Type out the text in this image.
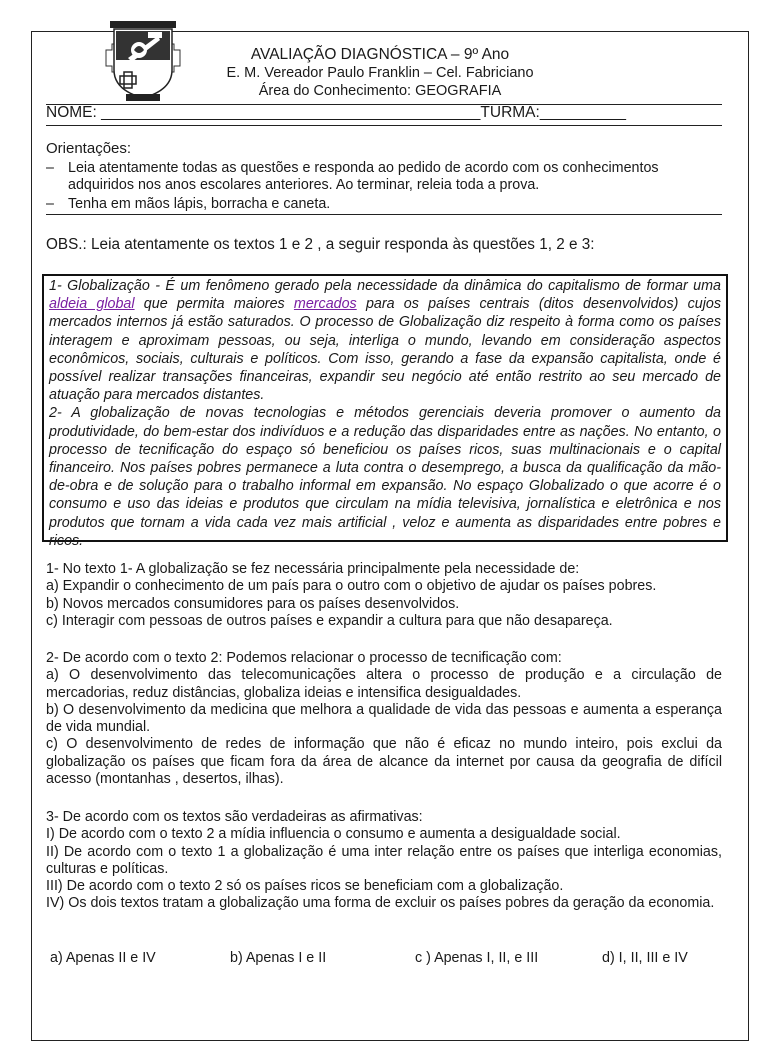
AVALIAÇÃO DIAGNÓSTICA – 9º Ano
E. M. Vereador Paulo Franklin – Cel. Fabriciano
Área do Conhecimento: GEOGRAFIA
NOME: ____________________________________________TURMA:__________
Orientações:
– Leia atentamente todas as questões e responda ao pedido de acordo com os conhecimentos adquiridos nos anos escolares anteriores. Ao terminar, releia toda a prova.
– Tenha em mãos lápis, borracha e caneta.
OBS.: Leia atentamente os textos 1 e 2 , a seguir responda às questões 1, 2 e 3:

1- Globalização - É um fenômeno gerado pela necessidade da dinâmica do capitalismo de formar uma aldeia global que permita maiores mercados para os países centrais (ditos desenvolvidos) cujos mercados internos já estão saturados. O processo de Globalização diz respeito à forma como os países interagem e aproximam pessoas, ou seja, interliga o mundo, levando em consideração aspectos econômicos, sociais, culturais e políticos. Com isso, gerando a fase da expansão capitalista, onde é possível realizar transações financeiras, expandir seu negócio até então restrito ao seu mercado de atuação para mercados distantes.

2- A globalização de novas tecnologias e métodos gerenciais deveria promover o aumento da produtividade, do bem-estar dos indivíduos e a redução das disparidades entre as nações. No entanto, o processo de tecnificação do espaço só beneficiou os países ricos, suas multinacionais e o capital financeiro. Nos países pobres permanece a luta contra o desemprego, a busca da qualificação da mão-de-obra e de solução para o trabalho informal em expansão. No espaço Globalizado o que acorre é o consumo e uso das ideias e produtos que circulam na mídia televisiva, jornalística e eletrônica e nos produtos que tornam a vida cada vez mais artificial , veloz e aumenta as disparidades entre pobres e ricos.

1- No texto 1- A globalização se fez necessária principalmente pela necessidade de:

a) Expandir o conhecimento de um país para o outro com o objetivo de ajudar os países pobres.

b) Novos mercados consumidores para os países desenvolvidos.

c) Interagir com pessoas de outros países e expandir a cultura para que não desapareça.

2- De acordo com o texto 2: Podemos relacionar o processo de tecnificação com:

a) O desenvolvimento das telecomunicações altera o processo de produção e a circulação de mercadorias, reduz distâncias, globaliza ideias e intensifica desigualdades.

b) O desenvolvimento da medicina que melhora a qualidade de vida das pessoas e aumenta a esperança de vida mundial.

c) O desenvolvimento de redes de informação que não é eficaz no mundo inteiro, pois exclui da globalização os países que ficam fora da área de alcance da internet por causa da geografia de difícil acesso (montanhas , desertos, ilhas).

3- De acordo com os textos são verdadeiras as afirmativas:

I) De acordo com o texto 2 a mídia influencia o consumo e aumenta a desigualdade social.

II) De acordo com o texto 1 a globalização é uma inter relação entre os países que interliga economias, culturas e políticas.

III) De acordo com o texto 2 só os países ricos se beneficiam com a globalização.

IV) Os dois textos tratam a globalização uma forma de excluir os países pobres da geração da economia.

a) Apenas II e IV	b) Apenas I e II	c ) Apenas I, II, e III	d) I, II, III e IV
